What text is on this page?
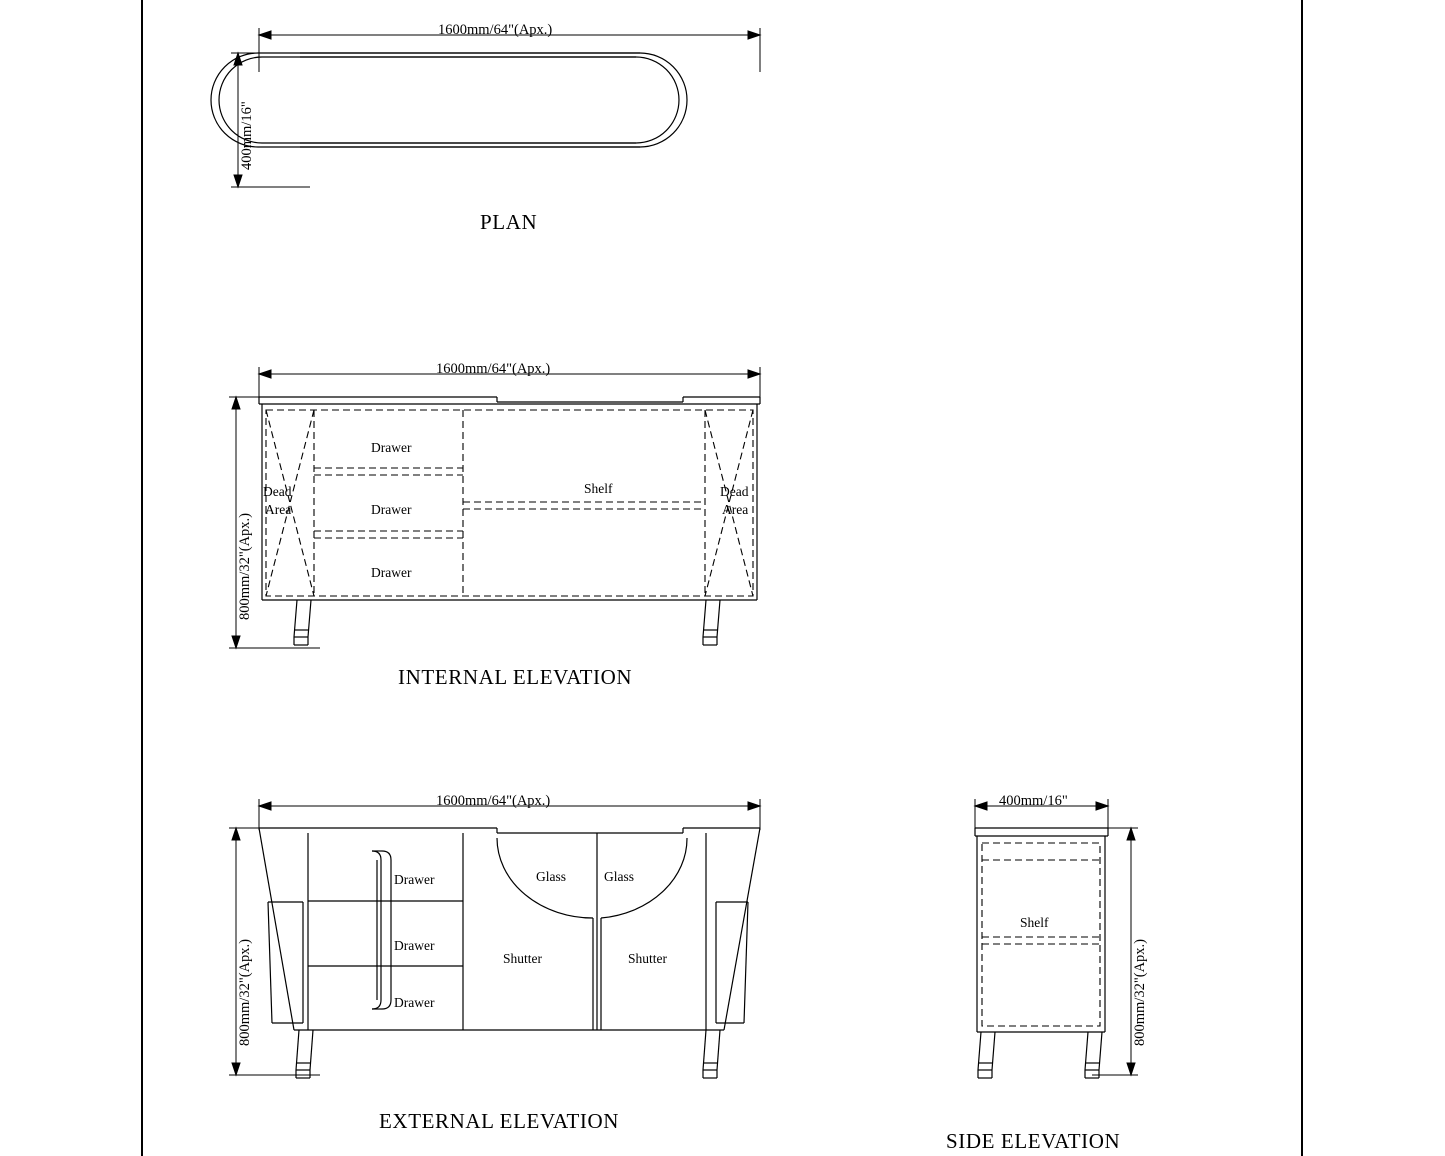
1600mm/64"(Apx.)
400mm/16"
PLAN
1600mm/64"(Apx.)
800mm/32"(Apx.)
Dead
Area
Dead
Area
Drawer
Drawer
Drawer
Shelf
INTERNAL ELEVATION
1600mm/64"(Apx.)
800mm/32"(Apx.)
Drawer
Drawer
Drawer
Glass	Glass
Shutter	Shutter
EXTERNAL ELEVATION
400mm/16"
800mm/32"(Apx.)
Shelf
SIDE ELEVATION
